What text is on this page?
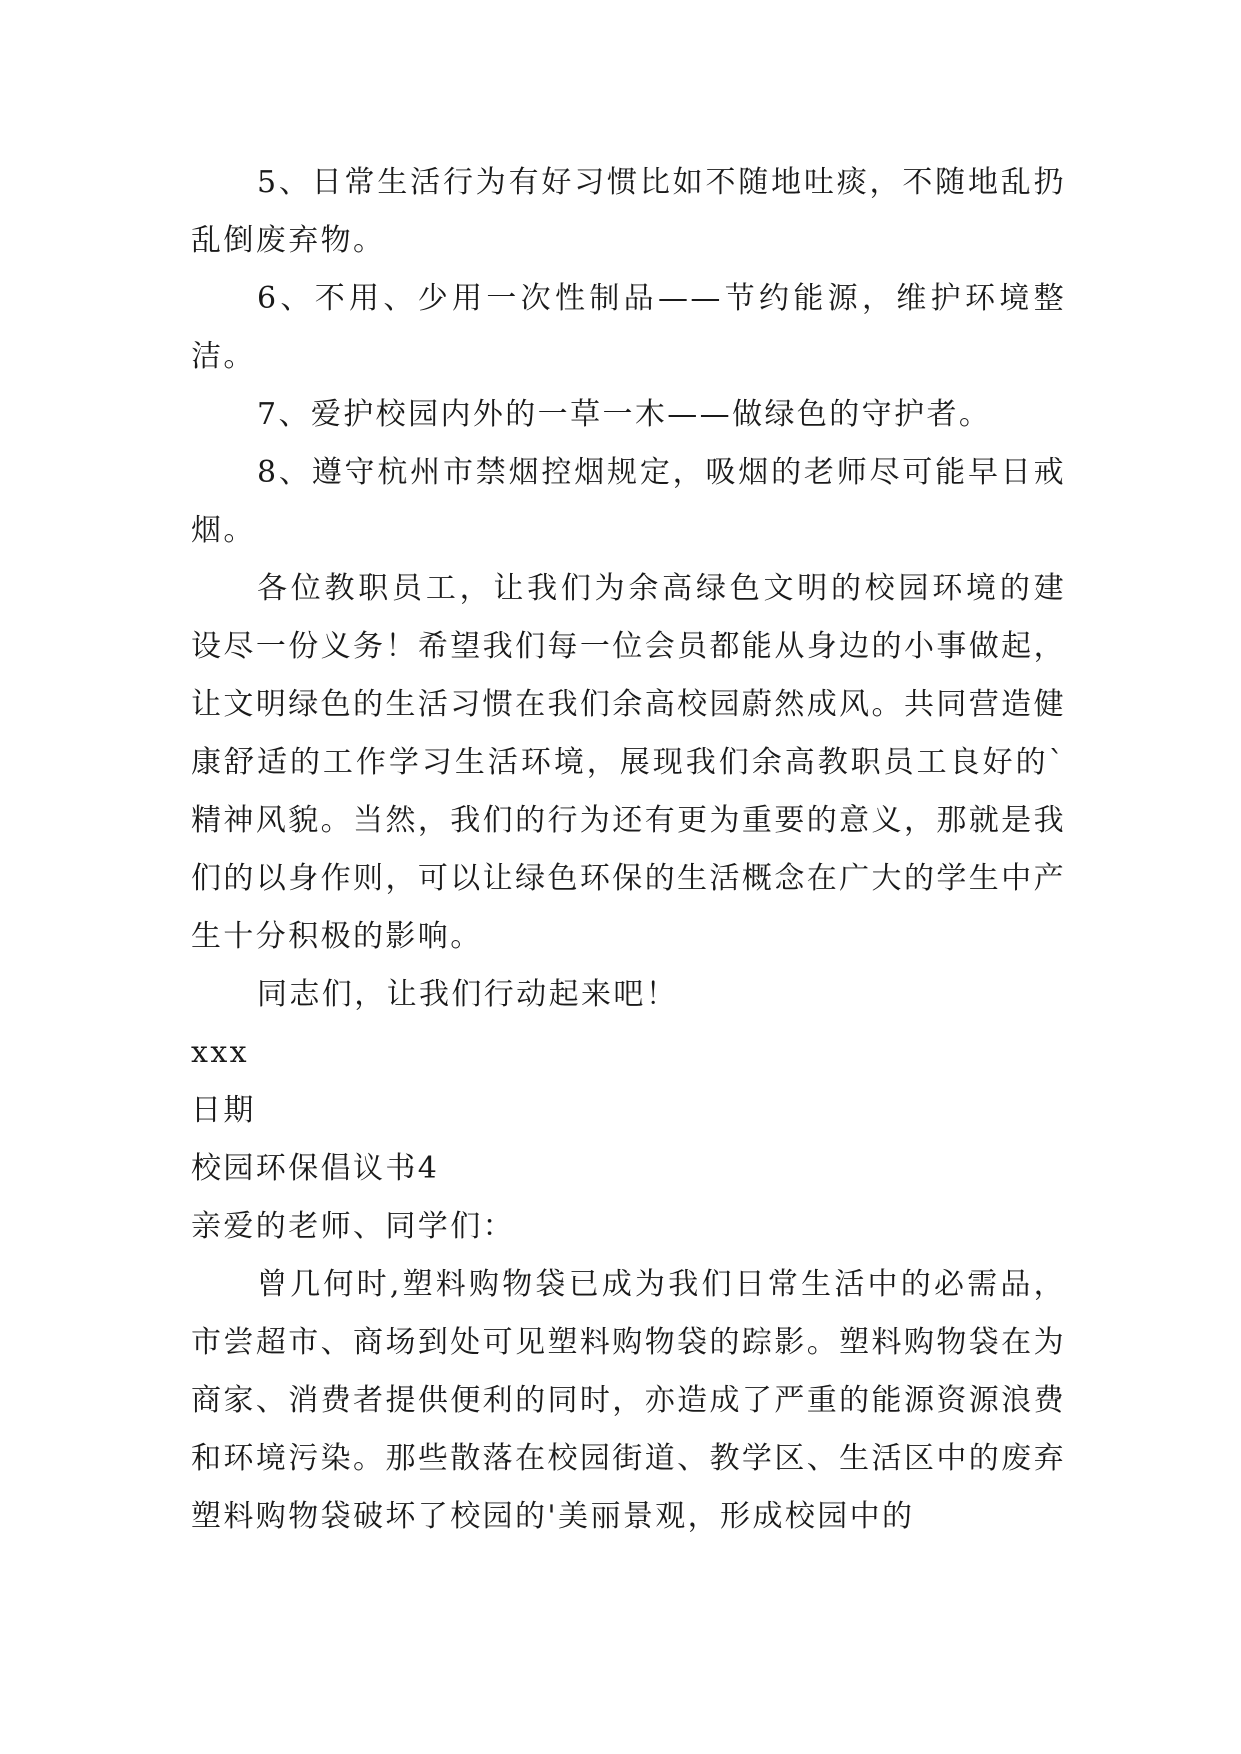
5、日常生活行为有好习惯比如不随地吐痰，不随地乱扔乱倒废弃物。

6、不用、少用一次性制品——节约能源，维护环境整洁。

7、爱护校园内外的一草一木——做绿色的守护者。

8、遵守杭州市禁烟控烟规定，吸烟的老师尽可能早日戒烟。

各位教职员工，让我们为余高绿色文明的校园环境的建设尽一份义务！希望我们每一位会员都能从身边的小事做起，让文明绿色的生活习惯在我们余高校园蔚然成风。共同营造健康舒适的工作学习生活环境，展现我们余高教职员工良好的`精神风貌。当然，我们的行为还有更为重要的意义，那就是我们的以身作则，可以让绿色环保的生活概念在广大的学生中产生十分积极的影响。

同志们，让我们行动起来吧！

xxx

日期

校园环保倡议书4

亲爱的老师、同学们：

曾几何时,塑料购物袋已成为我们日常生活中的必需品，市尝超市、商场到处可见塑料购物袋的踪影。塑料购物袋在为商家、消费者提供便利的同时，亦造成了严重的能源资源浪费和环境污染。那些散落在校园街道、教学区、生活区中的废弃塑料购物袋破坏了校园的'美丽景观，形成校园中的
